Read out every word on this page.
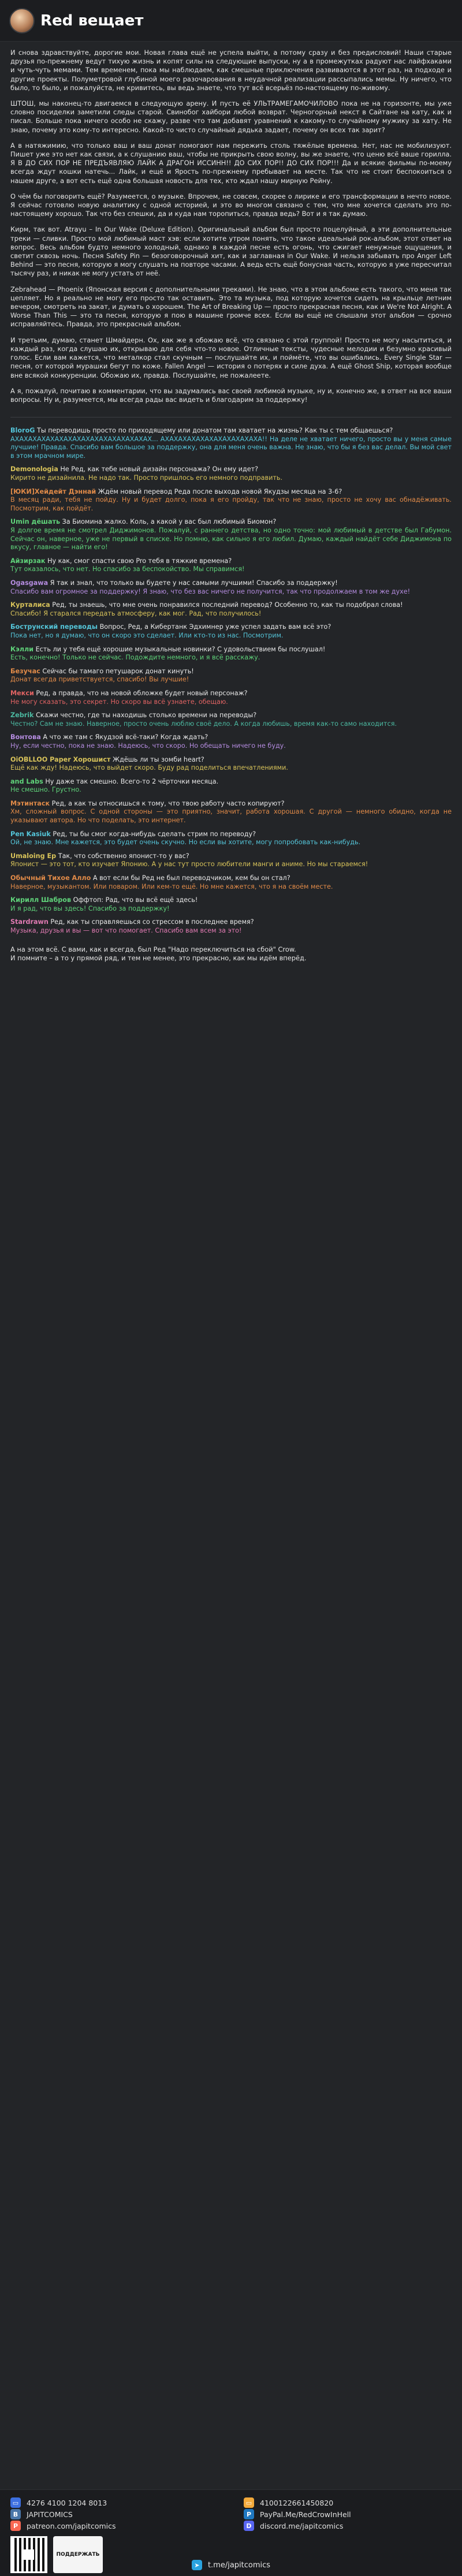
Red вещает

И снова здравствуйте, дорогие мои. Новая глава ещё не успела выйти, а потому сразу и без предисловий! Наши старые друзья по-прежнему ведут тихую жизнь и копят силы на следующие выпуски, ну а в промежутках радуют нас лайфхаками и чуть-чуть мемами. Тем временем, пока мы наблюдаем, как смешные приключения развиваются в этот раз, на подходе и другие проекты. Полуметровой глубиной моего разочарования в неудачной реализации рассыпались мемы. Ну ничего, что было, то было, и пожалуйста, не кривитесь, вы ведь знаете, что тут всё всерьёз по-настоящему по-живому.

ШТОШ, мы наконец-то двигаемся в следующую арену. И пусть её УЛЬТРАМЕГАМОЧИЛОВО пока не на горизонте, мы уже словно посиделки заметили следы старой. Свинобог хайбори любой возврат. Черногорный некст в Сайтане на кату, как и писал. Больше пока ничего особо не скажу, разве что там добавят уравнений к какому-то случайному мужику за хату. Не знаю, почему это кому-то интересно. Какой-то чисто случайный дядька задает, почему он всех так зарит?

А в натяжимию, что только ваш и ваш донат помогают нам пережить столь тяжёлые времена. Нет, нас не мобилизуют. Пишет уже это нет как связи, а к слушанию ваш, чтобы не прикрыть свою волну, вы же знаете, что ценю всё ваше горилла. Я В ДО СИХ ПОР НЕ ПРЕДЪЯВЛЯЮ ЛАЙК А ДРАГОН ИССИНН!! ДО СИХ ПОР!! ДО СИХ ПОР!!! Да и всякие фильмы по-моему всегда ждут кошки натечь... Лайк, и ещё и Ярость по-прежнему пребывает на месте. Так что не стоит беспокоиться о нашем друге, а вот есть ещё одна большая новость для тех, кто ждал нашу мирную Рейну.

О чём бы поговорить ещё? Разумеется, о музыке. Впрочем, не совсем, скорее о лирике и его трансформации в нечто новое. Я сейчас готовлю новую аналитику с одной историей, и это во многом связано с тем, что мне хочется сделать это по-настоящему хорошо. Так что без спешки, да и куда нам торопиться, правда ведь? Вот и я так думаю.

Кирм, так вот. Atrayu – In Our Wake (Deluxe Edition). Оригинальный альбом был просто поцелуйный, а эти дополнительные треки — сливки. Просто мой любимый маст хэв: если хотите утром понять, что такое идеальный рок-альбом, этот ответ на вопрос. Весь альбом будто немного холодный, однако в каждой песне есть огонь, что сжигает ненужные ощущения, и светит сквозь ночь. Песня Safety Pin — безоговорочный хит, как и заглавная in Our Wake. И нельзя забывать про Anger Left Behind — это песня, которую я могу слушать на повторе часами. А ведь есть ещё бонусная часть, которую я уже пересчитал тысячу раз, и никак не могу устать от неё.

Zebrahead — Phoenix (Японская версия с дополнительными треками). Не знаю, что в этом альбоме есть такого, что меня так цепляет. Но я реально не могу его просто так оставить. Это та музыка, под которую хочется сидеть на крыльце летним вечером, смотреть на закат, и думать о хорошем. The Art of Breaking Up — просто прекрасная песня, как и We're Not Alright. А Worse Than This — это та песня, которую я пою в машине громче всех. Если вы ещё не слышали этот альбом — срочно исправляйтесь. Правда, это прекрасный альбом.

И третьим, думаю, станет Шмайдерн. Ох, как же я обожаю всё, что связано с этой группой! Просто не могу насытиться, и каждый раз, когда слушаю их, открываю для себя что-то новое. Отличные тексты, чудесные мелодии и безумно красивый голос. Если вам кажется, что металкор стал скучным — послушайте их, и поймёте, что вы ошибались. Every Single Star — песня, от которой мурашки бегут по коже. Fallen Angel — история о потерях и силе духа. А ещё Ghost Ship, которая вообще вне всякой конкуренции. Обожаю их, правда. Послушайте, не пожалеете.

А я, пожалуй, почитаю в комментарии, что вы задумались вас своей любимой музыке, ну и, конечно же, в ответ на все ваши вопросы. Ну и, разумеется, мы всегда рады вас видеть и благодарим за поддержку!

BloroG Ты переводишь просто по приходящему или донатом там хватает на жизнь? Как ты с тем общаешься?
АХАХАХАХАХАХАХАХАХАХАХАХАХАХАХАХ... АХАХАХАХАХАХАХАХАХАХАХА!! На деле не хватает ничего, просто вы у меня самые лучшие! Правда. Спасибо вам большое за поддержку, она для меня очень важна. Не знаю, что бы я без вас делал. Вы мой свет в этом мрачном мире.
Demonologia Не Ред, как тебе новый дизайн персонажа? Он ему идет?
Кирито не дизайнила. Не надо так. Просто пришлось его немного подправить.
[ЮКИ]Хейдейт Дэннай Ждём новый перевод Реда после выхода новой Якудзы месяца на 3-6?
В месяц ради, тебя не пойду. Ну и будет долго, пока я его пройду, так что не знаю, просто не хочу вас обнадёживать. Посмотрим, как пойдёт.
Umin дёшать За Биомина жалко. Коль, а какой у вас был любимый Биомон?
Я долгое время не смотрел Диджимонов. Пожалуй, с раннего детства, но одно точно: мой любимый в детстве был Габумон. Сейчас он, наверное, уже не первый в списке. Но помню, как сильно я его любил. Думаю, каждый найдёт себе Диджимона по вкусу, главное — найти его!
Айзирзак Ну как, смог спасти свою Pro тебя в тяжкие времена?
Тут оказалось, что нет. Но спасибо за беспокойство. Мы справимся!
Ogasgawa Я так и знал, что только вы будете у нас самыми лучшими! Спасибо за поддержку!
Спасибо вам огромное за поддержку! Я знаю, что без вас ничего не получится, так что продолжаем в том же духе!
Курталиса Ред, ты знаешь, что мне очень понравился последний перевод? Особенно то, как ты подобрал слова!
Спасибо! Я старался передать атмосферу, как мог. Рад, что получилось!
Бострунский переводы Вопрос, Ред, а Кибертанк Эдхимнер уже успел задать вам всё это?
Пока нет, но я думаю, что он скоро это сделает. Или кто-то из нас. Посмотрим.
Кэлли Есть ли у тебя ещё хорошие музыкальные новинки? С удовольствием бы послушал!
Есть, конечно! Только не сейчас. Подождите немного, и я всё расскажу.
Безучас Сейчас бы тамаго петушарок донат кинуть!
Донат всегда приветствуется, спасибо! Вы лучшие!
Мекси Ред, а правда, что на новой обложке будет новый персонаж?
Не могу сказать, это секрет. Но скоро вы всё узнаете, обещаю.
Zebrik Скажи честно, где ты находишь столько времени на переводы?
Честно? Сам не знаю. Наверное, просто очень люблю своё дело. А когда любишь, время как-то само находится.
Вонтова А что же там с Якудзой всё-таки? Когда ждать?
Ну, если честно, пока не знаю. Надеюсь, что скоро. Но обещать ничего не буду.
OiOBLLOO Paper Хорошист Ждёшь ли ты зомби heart?
Ещё как жду! Надеюсь, что выйдет скоро. Буду рад поделиться впечатлениями.
and Labs Ну даже так смешно. Всего-то 2 чёрточки месяца.
Не смешно. Грустно.
Мэтинтаск Ред, а как ты относишься к тому, что твою работу часто копируют?
Хм, сложный вопрос. С одной стороны — это приятно, значит, работа хорошая. С другой — немного обидно, когда не указывают автора. Но что поделать, это интернет.
Pen Kasiuk Ред, ты бы смог когда-нибудь сделать стрим по переводу?
Ой, не знаю. Мне кажется, это будет очень скучно. Но если вы хотите, могу попробовать как-нибудь.
Umaloing Ep Так, что собственно японист-то у вас?
Японист — это тот, кто изучает Японию. А у нас тут просто любители манги и аниме. Но мы стараемся!
Обычный Тихое Алло А вот если бы Ред не был переводчиком, кем бы он стал?
Наверное, музыкантом. Или поваром. Или кем-то ещё. Но мне кажется, что я на своём месте.
Кирилл Шабров Оффтоп: Рад, что вы всё ещё здесь!
И я рад, что вы здесь! Спасибо за поддержку!
Stardrawn Ред, как ты справляешься со стрессом в последнее время?
Музыка, друзья и вы — вот что помогает. Спасибо вам всем за это!

А на этом всё. С вами, как и всегда, был Ред "Надо переключиться на сбой" Crow.

И помните – а то у прямой ряд, и тем не менее, это прекрасно, как мы идём вперёд.

▭	4276 4100 1204 8013
В	JAPITCOMICS
P	patreon.com/japitcomics
ПОДДЕРЖАТЬ
▭	4100122661450820
P	PayPal.Me/RedCrowInHell
D	discord.me/japitcomics
➤	t.me/japitcomics
